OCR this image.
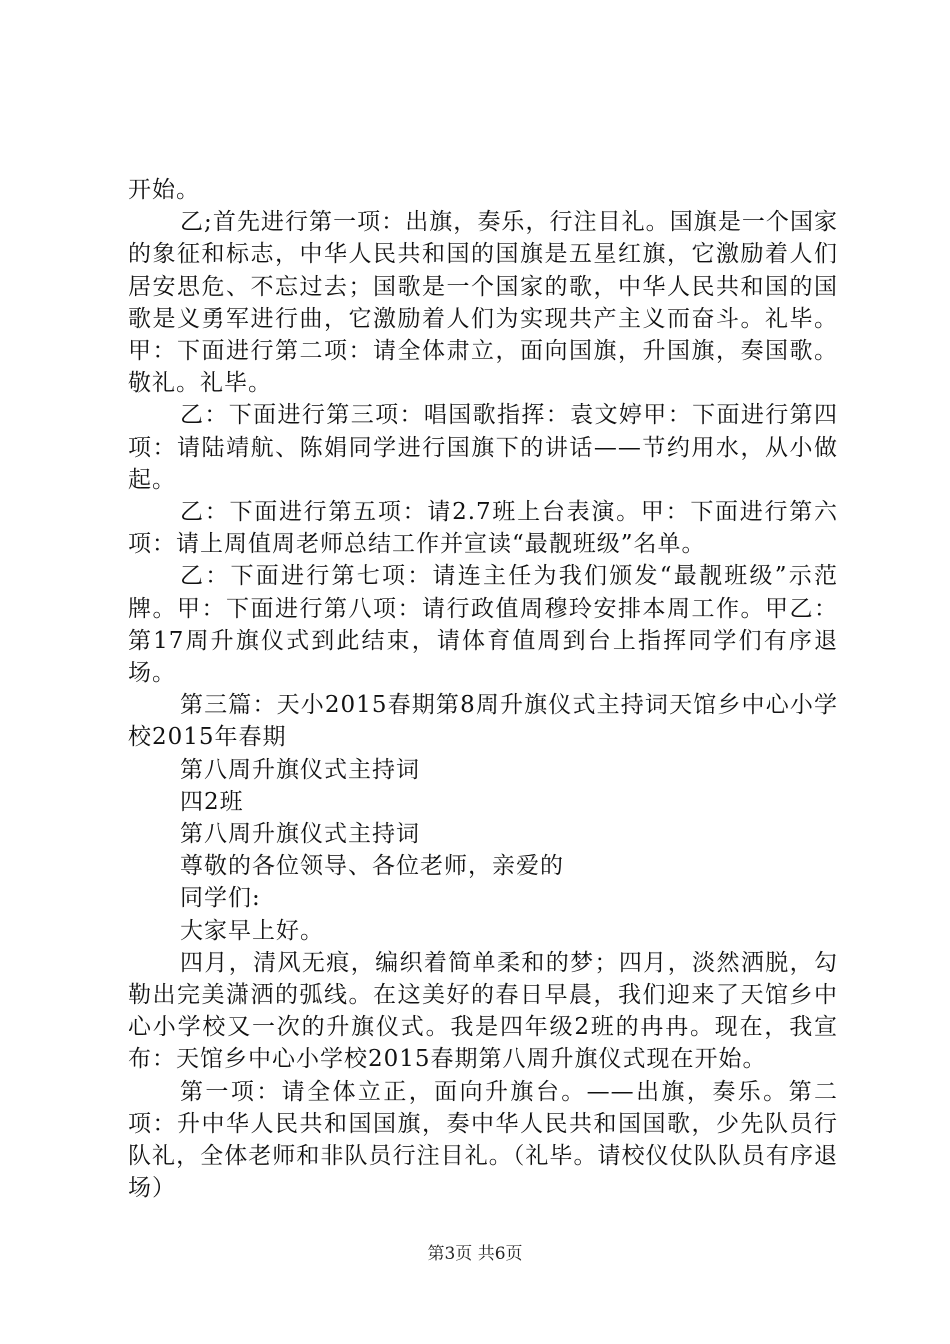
开始。

乙;首先进行第一项：出旗，奏乐，行注目礼。国旗是一个国家的象征和标志，中华人民共和国的国旗是五星红旗，它激励着人们居安思危、不忘过去；国歌是一个国家的歌，中华人民共和国的国歌是义勇军进行曲，它激励着人们为实现共产主义而奋斗。礼毕。甲：下面进行第二项：请全体肃立，面向国旗，升国旗，奏国歌。敬礼。礼毕。

乙：下面进行第三项：唱国歌指挥：袁文婷甲：下面进行第四项：请陆靖航、陈娟同学进行国旗下的讲话——节约用水，从小做起。

乙：下面进行第五项：请2.7班上台表演。甲：下面进行第六项：请上周值周老师总结工作并宣读“最靓班级”名单。

乙：下面进行第七项：请连主任为我们颁发“最靓班级”示范牌。甲：下面进行第八项：请行政值周穆玲安排本周工作。甲乙：第17周升旗仪式到此结束，请体育值周到台上指挥同学们有序退场。

第三篇：天小2015春期第8周升旗仪式主持词天馆乡中心小学校2015年春期

第八周升旗仪式主持词

四2班

第八周升旗仪式主持词

尊敬的各位领导、各位老师，亲爱的

同学们:

大家早上好。

四月，清风无痕，编织着简单柔和的梦；四月，淡然洒脱，勾勒出完美潇洒的弧线。在这美好的春日早晨，我们迎来了天馆乡中心小学校又一次的升旗仪式。我是四年级2班的冉冉。现在，我宣布：天馆乡中心小学校2015春期第八周升旗仪式现在开始。

第一项：请全体立正，面向升旗台。——出旗，奏乐。第二项：升中华人民共和国国旗，奏中华人民共和国国歌，少先队员行队礼，全体老师和非队员行注目礼。（礼毕。请校仪仗队队员有序退场）

第3页 共6页
